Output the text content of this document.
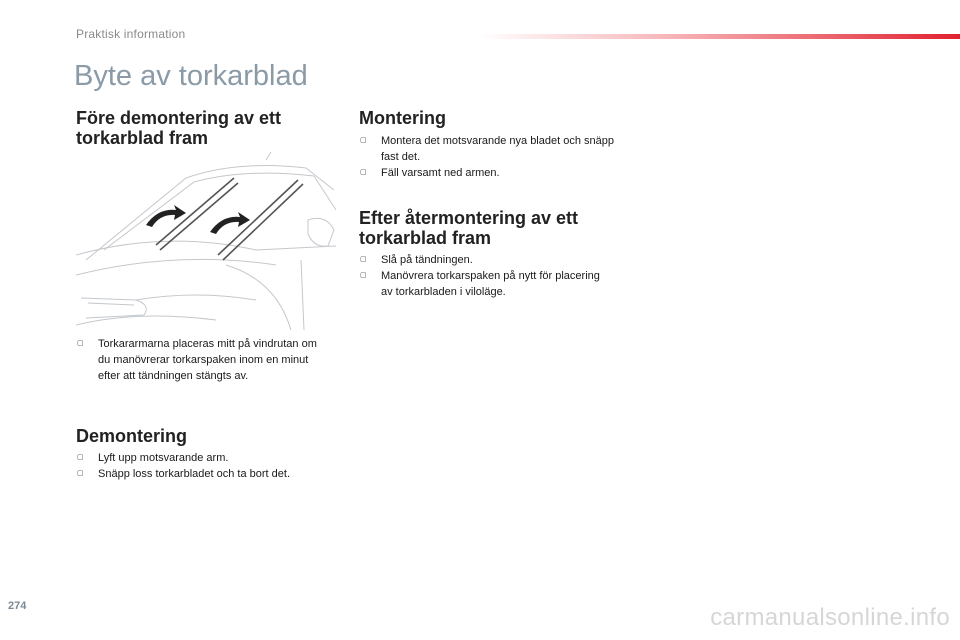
Praktisk information
Byte av torkarblad
Före demontering av ett torkarblad fram
▢ Torkararmarna placeras mitt på vindrutan om du manövrerar torkarspaken inom en minut efter att tändningen stängts av.
Demontering
▢ Lyft upp motsvarande arm.
▢ Snäpp loss torkarbladet och ta bort det.
Montering
▢ Montera det motsvarande nya bladet och snäpp fast det.
▢ Fäll varsamt ned armen.
Efter återmontering av ett torkarblad fram
▢ Slå på tändningen.
▢ Manövrera torkarspaken på nytt för placering av torkarbladen i viloläge.
274	carmanualsonline.info
